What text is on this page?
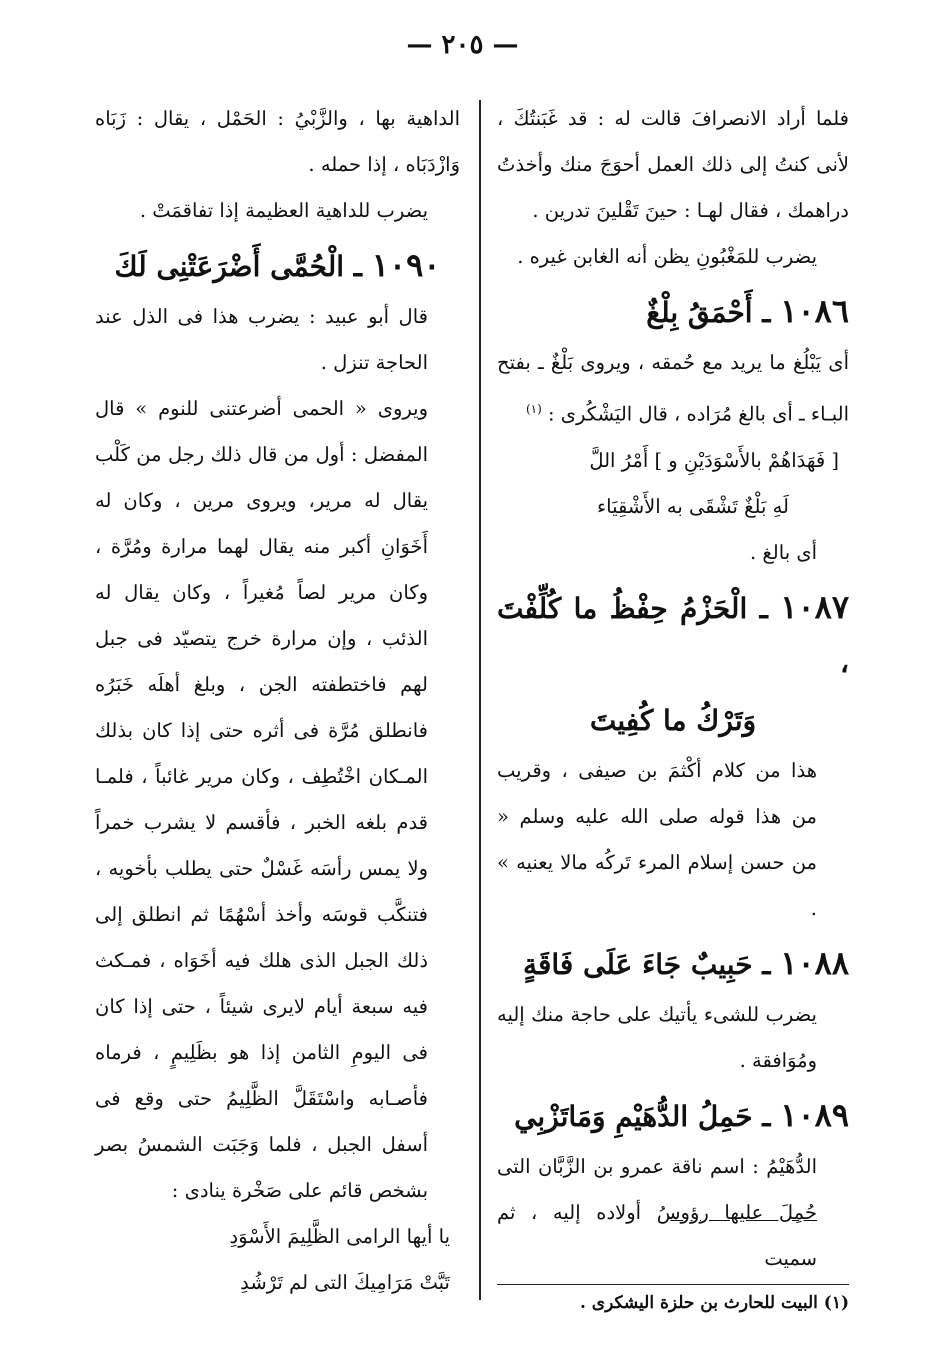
— ٢٠٥ —

فلما أراد الانصرافَ قالت له : قد غَبَنتُكَ ، لأنى كنتُ إلى ذلك العمل أحوَجَ منك وأخذتُ دراهمك ، فقال لهـا : حينَ تَقْلينَ تدرين .

يضرب للمَغْبُونِ يظن أنه الغابن غيره .

١٠٨٦ ـ أَحْمَقُ بِلْغٌ

أى يَبْلُغ ما يريد مع حُمقه ، ويروى بَلْغٌ ـ بفتح البـاء ـ أى بالغ مُرَاده ، قال اليَشْكُرى : $^{(١)}$

[ فَهَدَاهُمْ بالأَسْوَدَيْنِ و ] أَمْرُ اللَّ

لَهِ بَلْغٌ تَشْقَى به الأَشْقِيَاء

أى بالغ .

١٠٨٧ ـ الْحَزْمُ حِفْظُ ما كُلِّفْتَ ،
وَتَرْكُ ما كُفِيتَ

هذا من كلام أكْثمَ بن صيفى ، وقريب من هذا قوله صلى الله عليه وسلم « من حسن إسلام المرء تَركُه مالا يعنيه » .

١٠٨٨ ـ حَبِيبٌ جَاءَ عَلَى فَاقَةٍ

يضرب للشىء يأتيك على حاجة منك إليه ومُوَافقة .

١٠٨٩ ـ حَمِلُ الدُّهَيْمِ وَمَاتَزْبِي

الدُّهَيْمُ : اسم ناقة عمرو بن الزَّبَّان التى حُمِلَ عليها رؤوسُ أولاده إليه ، ثم سميت

(١) البيت للحارث بن حلزة اليشكرى .

الداهية بها ، والزَّبْيُ : الحَمْل ، يقال : زَبَاه وَازْدَبَاه ، إذا حمله .

يضرب للداهية العظيمة إذا تفاقمَتْ .

١٠٩٠ ـ الْحُمَّى أَضْرَعَتْنِى لَكَ

قال أبو عبيد : يضرب هذا فى الذل عند الحاجة تنزل .

ويروى « الحمى أضرعتنى للنوم » قال المفضل : أول من قال ذلك رجل من كَلْب يقال له مرير، ويروى مرين ، وكان له أَخَوَانِ أكبر منه يقال لهما مرارة ومُرَّة ، وكان مرير لصاً مُغيراً ، وكان يقال له الذئب ، وإن مرارة خرج يتصيّد فى جبل لهم فاختطفته الجن ، وبلغ أهلَه خَبَرُه فانطلق مُرَّة فى أثره حتى إذا كان بذلك المـكان اخْتُطِف ، وكان مرير غائباً ، فلمـا قدم بلغه الخبر ، فأقسم لا يشرب خمراً ولا يمس رأسَه غَسْلٌ حتى يطلب بأخويه ، فتنكَّب قوسَه وأخذ أسْهُمًا ثم انطلق إلى ذلك الجبل الذى هلك فيه أخَوَاه ، فمـكث فيه سبعة أيام لايرى شيئاً ، حتى إذا كان فى اليومِ الثامن إذا هو بظَلِيمٍ ، فرماه فأصـابه واسْتَقَلَّ الظَّلِيمُ حتى وقع فى أسفل الجبل ، فلما وَجَبَت الشمسُ بصر بشخص قائم على صَخْرة ينادى :

يا أيها الرامى الظَّلِيمَ الأَسْوَدِ

تَبَّتْ مَرَامِيكَ التى لم تَرْشُدِ
